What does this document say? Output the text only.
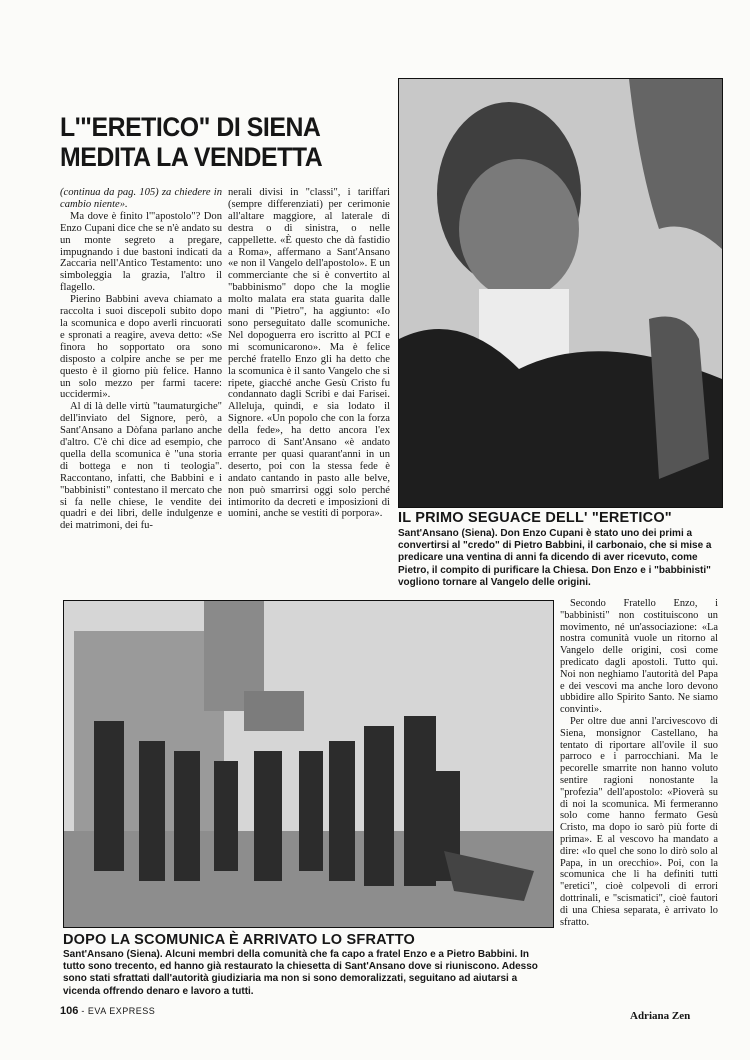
L'"ERETICO" DI SIENA
MEDITA LA VENDETTA

(continua da pag. 105) za chiedere in cambio niente».

Ma dove è finito l'"apostolo"? Don Enzo Cupani dice che se n'è andato su un monte segreto a pregare, impugnando i due bastoni indicati da Zaccaria nell'Antico Testamento: uno simboleggia la grazia, l'altro il flagello.

Pierino Babbini aveva chiamato a raccolta i suoi discepoli subito dopo la scomunica e dopo averli rincuorati e spronati a reagire, aveva detto: «Se finora ho sopportato ora sono disposto a colpire anche se per me questo è il giorno più felice. Hanno un solo mezzo per farmi tacere: uccidermi».

Al di là delle virtù "taumaturgiche" dell'inviato del Signore, però, a Sant'Ansano a Dòfana parlano anche d'altro. C'è chi dice ad esempio, che quella della scomunica è "una storia di bottega e non ti teologia". Raccontano, infatti, che Babbini e i "babbinisti" contestano il mercato che si fa nelle chiese, le vendite dei quadri e dei libri, delle indulgenze e dei matrimoni, dei fu-

nerali divisi in "classi", i tariffari (sempre differenziati) per cerimonie all'altare maggiore, al laterale di destra o di sinistra, o nelle cappellette. «È questo che dà fastidio a Roma», affermano a Sant'Ansano «e non il Vangelo dell'apostolo». E un commerciante che si è convertito al "babbinismo" dopo che la moglie molto malata era stata guarita dalle mani di "Pietro", ha aggiunto: «Io sono perseguitato dalle scomuniche. Nel dopoguerra ero iscritto al PCI e mi scomunicarono». Ma è felice perché fratello Enzo gli ha detto che la scomunica è il santo Vangelo che si ripete, giacché anche Gesù Cristo fu condannato dagli Scribi e dai Farisei. Alleluja, quindi, e sia lodato il Signore. «Un popolo che con la forza della fede», ha detto ancora l'ex parroco di Sant'Ansano «è andato errante per quasi quarant'anni in un deserto, poi con la stessa fede è andato cantando in pasto alle belve, non può smarrirsi oggi solo perché intimorito da decreti e imposizioni di uomini, anche se vestiti di porpora».	IL PRIMO SEGUACE DELL' "ERETICO"
Sant'Ansano (Siena). Don Enzo Cupani è stato uno dei primi a convertirsi al "credo" di Pietro Babbini, il carbonaio, che si mise a predicare una ventina di anni fa dicendo di aver ricevuto, come Pietro, il compito di purificare la Chiesa. Don Enzo e i "babbinisti" vogliono tornare al Vangelo delle origini.

Secondo Fratello Enzo, i "babbinisti" non costituiscono un movimento, né un'associazione: «La nostra comunità vuole un ritorno al Vangelo delle origini, così come predicato dagli apostoli. Tutto qui. Noi non neghiamo l'autorità del Papa e dei vescovi ma anche loro devono ubbidire allo Spirito Santo. Ne siamo convinti».

Per oltre due anni l'arcivescovo di Siena, monsignor Castellano, ha tentato di riportare all'ovile il suo parroco e i parrocchiani. Ma le pecorelle smarrite non hanno voluto sentire ragioni nonostante la "profezia" dell'apostolo: «Pioverà su di noi la scomunica. Mi fermeranno solo come hanno fermato Gesù Cristo, ma dopo io sarò più forte di prima». E al vescovo ha mandato a dire: «Io quel che sono lo dirò solo al Papa, in un orecchio». Poi, con la scomunica che li ha definiti tutti "eretici", cioè colpevoli di errori dottrinali, e "scismatici", cioè fautori di una Chiesa separata, è arrivato lo sfratto.

DOPO LA SCOMUNICA È ARRIVATO LO SFRATTO
Sant'Ansano (Siena). Alcuni membri della comunità che fa capo a fratel Enzo e a Pietro Babbini. In tutto sono trecento, ed hanno già restaurato la chiesetta di Sant'Ansano dove si riuniscono. Adesso sono stati sfrattati dall'autorità giudiziaria ma non si sono demoralizzati, seguitano ad aiutarsi a vicenda offrendo denaro e lavoro a tutti.
Adriana Zen
106 - EVA EXPRESS
